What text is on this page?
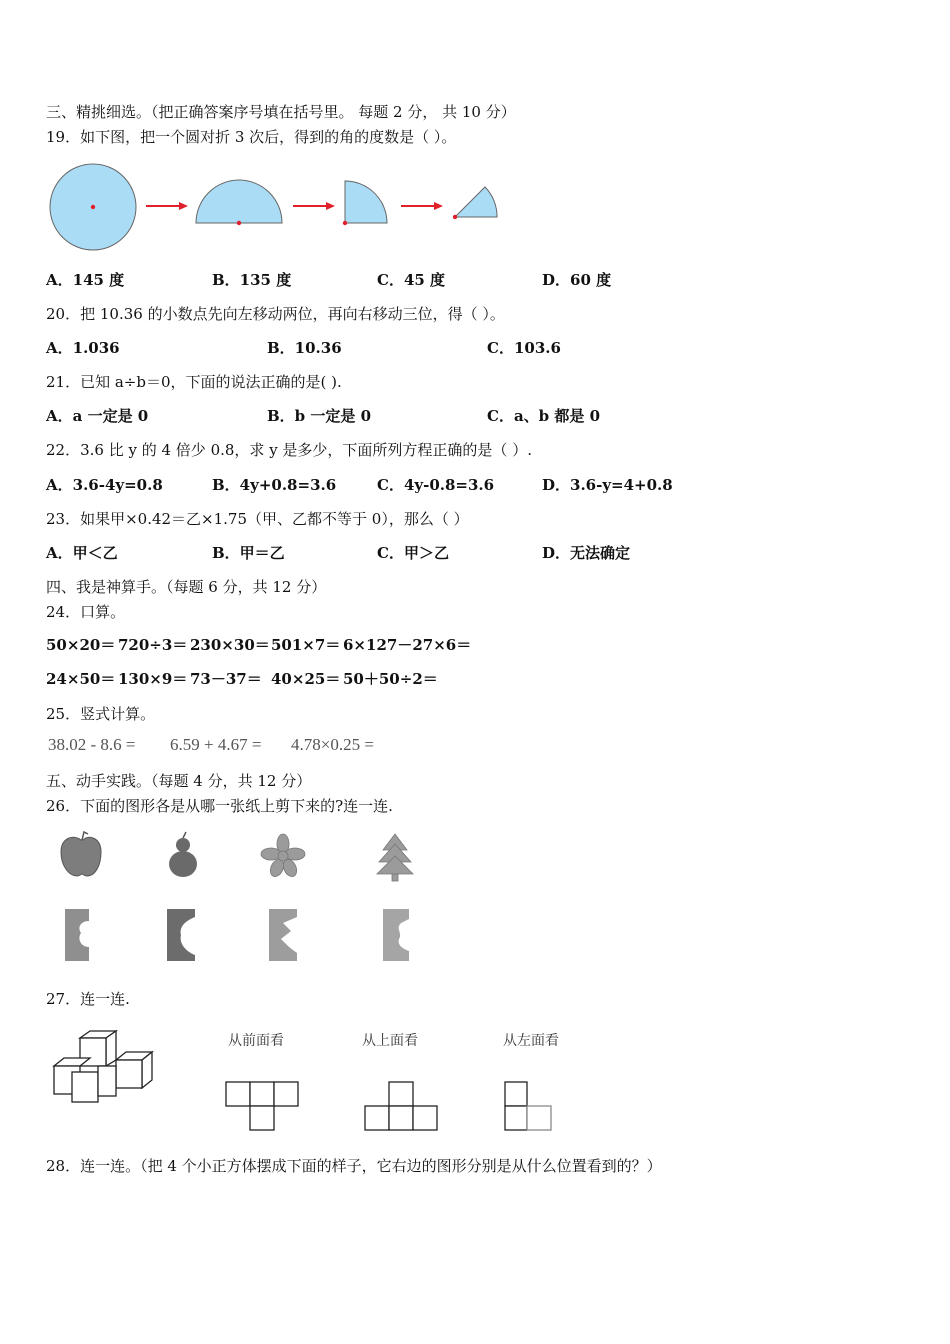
三、精挑细选。（把正确答案序号填在括号里。 每题 2 分， 共 10 分）
19．如下图，把一个圆对折 3 次后，得到的角的度数是（ ）。
A．145 度	B．135 度	C．45 度	D．60 度
20．把 10.36 的小数点先向左移动两位，再向右移动三位，得（ ）。
A．1.036	B．10.36	C．103.6
21．已知 a÷b＝0，下面的说法正确的是( ).
A．a 一定是 0	B．b 一定是 0	C．a、b 都是 0
22．3.6 比 y 的 4 倍少 0.8，求 y 是多少，下面所列方程正确的是（ ）.
A．3.6-4y=0.8	B．4y+0.8=3.6	C．4y-0.8=3.6	D．3.6-y=4+0.8
23．如果甲×0.42＝乙×1.75（甲、乙都不等于 0），那么（ ）
A．甲＜乙	B．甲＝乙	C．甲＞乙	D．无法确定
四、我是神算手。（每题 6 分，共 12 分）
24．口算。
50×20＝ 720÷3＝ 230×30＝ 501×7＝ 6×127－27×6＝
24×50＝ 130×9＝ 73－37＝ 40×25＝ 50＋50÷2＝
25．竖式计算。
38.02 - 8.6 = 6.59 + 4.67 = 4.78×0.25 =
五、动手实践。（每题 4 分，共 12 分）
26．下面的图形各是从哪一张纸上剪下来的?连一连.
27．连一连.
从前面看	从上面看	从左面看
28．连一连。（把 4 个小正方体摆成下面的样子，它右边的图形分别是从什么位置看到的？）
